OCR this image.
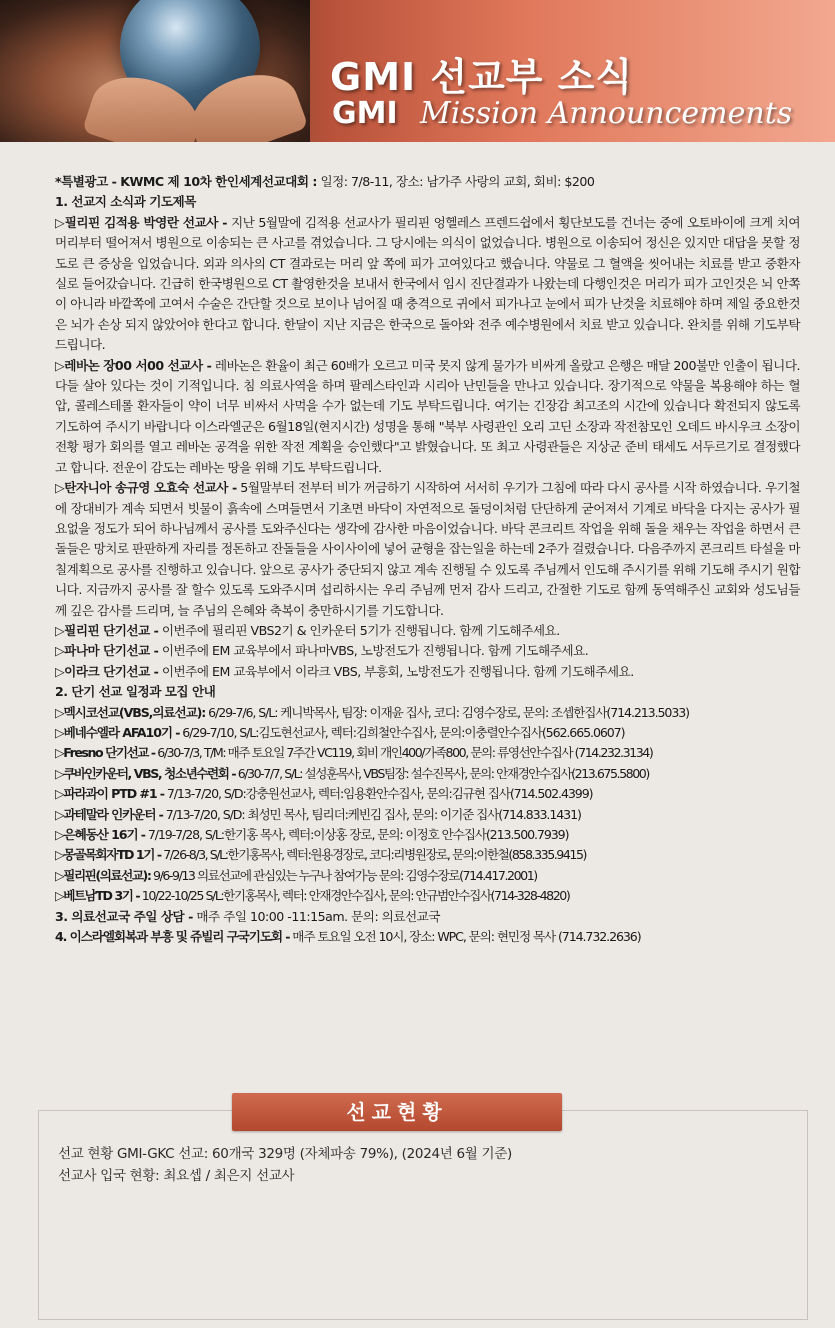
GMI 선교부 소식
GMI Mission Announcements

*특별광고 - KWMC 제 10차 한인세계선교대회 : 일정: 7/8-11, 장소: 남가주 사랑의 교회, 회비: $200

1. 선교지 소식과 기도제목

▷필리핀 김적용 박영란 선교사 - 지난 5월말에 김적용 선교사가 필리핀 엉헬레스 프렌드쉽에서 횡단보도를 건너는 중에 오토바이에 크게 치여 머리부터 떨어져서 병원으로 이송되는 큰 사고를 겪었습니다. 그 당시에는 의식이 없었습니다. 병원으로 이송되어 정신은 있지만 대답을 못할 정도로 큰 증상을 입었습니다. 외과 의사의 CT 결과로는 머리 앞 쪽에 피가 고여있다고 했습니다. 약물로 그 혈액을 씻어내는 치료를 받고 중환자실로 들어갔습니다. 긴급히 한국병원으로 CT 촬영한것을 보내서 한국에서 임시 진단결과가 나왔는데 다행인것은 머리가 피가 고인것은 뇌 안쪽이 아니라 바깥쪽에 고여서 수술은 간단할 것으로 보이나 넘어질 때 충격으로 귀에서 피가나고 눈에서 피가 난것을 치료해야 하며 제일 중요한것은 뇌가 손상 되지 않았어야 한다고 합니다. 한달이 지난 지금은 한국으로 돌아와 전주 예수병원에서 치료 받고 있습니다. 완치를 위해 기도부탁드립니다.

▷레바논 장00 서00 선교사 - 레바논은 환율이 최근 60배가 오르고 미국 못지 않게 물가가 비싸게 올랐고 은행은 매달 200불만 인출이 됩니다. 다들 살아 있다는 것이 기적입니다. 침 의료사역을 하며 팔레스타인과 시리아 난민들을 만나고 있습니다. 장기적으로 약물을 복용해야 하는 혈압, 콜레스테롤 환자들이 약이 너무 비싸서 사먹을 수가 없는데 기도 부탁드립니다. 여기는 긴장감 최고조의 시간에 있습니다 확전되지 않도록 기도하여 주시기 바랍니다 이스라엘군은 6월18일(현지시간) 성명을 통해 "북부 사령관인 오리 고딘 소장과 작전참모인 오데드 바시우크 소장이 전황 평가 회의를 열고 레바논 공격을 위한 작전 계획을 승인했다"고 밝혔습니다. 또 최고 사령관들은 지상군 준비 태세도 서두르기로 결정했다고 합니다. 전운이 감도는 레바논 땅을 위해 기도 부탁드립니다.

▷탄자니아 송규영 오효숙 선교사 - 5월말부터 전부터 비가 꺼금하기 시작하여 서서히 우기가 그침에 따라 다시 공사를 시작 하였습니다. 우기철에 장대비가 계속 되면서 빗물이 흙속에 스며들면서 기초면 바닥이 자연적으로 돌덩이처럼 단단하게 굳어져서 기계로 바닥을 다지는 공사가 필요없을 정도가 되어 하나님께서 공사를 도와주신다는 생각에 감사한 마음이었습니다. 바닥 콘크리트 작업을 위해 돌을 채우는 작업을 하면서 큰돌들은 망치로 판판하게 자리를 정돈하고 잔돌들을 사이사이에 넣어 균형을 잡는일을 하는데 2주가 걸렸습니다. 다음주까지 콘크리트 타설을 마칠계획으로 공사를 진행하고 있습니다. 앞으로 공사가 중단되지 않고 계속 진행될 수 있도록 주님께서 인도해 주시기를 위해 기도해 주시기 원합니다. 지금까지 공사를 잘 할수 있도록 도와주시며 섭리하시는 우리 주님께 먼저 감사 드리고, 간절한 기도로 함께 동역해주신 교회와 성도님들께 깊은 감사를 드리며, 늘 주님의 은혜와 축복이 충만하시기를 기도합니다.

▷필리핀 단기선교 - 이번주에 필리핀 VBS2기 & 인카운터 5기가 진행됩니다. 함께 기도해주세요.

▷파나마 단기선교 - 이번주에 EM 교육부에서 파나마VBS, 노방전도가 진행됩니다. 함께 기도해주세요.

▷이라크 단기선교 - 이번주에 EM 교육부에서 이라크 VBS, 부흥회, 노방전도가 진행됩니다. 함께 기도해주세요.

2. 단기 선교 일정과 모집 안내

▷멕시코선교(VBS,의료선교): 6/29-7/6, S/L: 케니박목사, 팀장: 이재윤 집사, 코디: 김영수장로, 문의: 조셉한집사(714.213.5033)

▷베네수엘라 AFA10기 - 6/29-7/10, S/L:김도현선교사, 렉터:김희철안수집사, 문의:이충렬안수집사(562.665.0607)

▷Fresno 단기선교 - 6/30-7/3, T/M: 매주 토요일 7주간 VC119, 회비 개인400/가족800, 문의: 류영선안수집사 (714.232.3134)

▷쿠바인카운터, VBS, 청소년수련회 - 6/30-7/7, S/L: 설성훈목사, VBS팀장: 설수진목사, 문의: 안재경안수집사(213.675.5800)

▷파라과이 PTD #1 - 7/13-7/20, S/D:강충원선교사, 렉터:임용환안수집사, 문의:김규현 집사(714.502.4399)

▷과테말라 인카운터 - 7/13-7/20, S/D: 최성민 목사, 팀리더:케빈김 집사, 문의: 이기준 집사(714.833.1431)

▷은혜동산 16기 - 7/19-7/28, S/L:한기홍 목사, 렉터:이상홍 장로, 문의: 이정호 안수집사(213.500.7939)

▷몽골목회자TD 1기 - 7/26-8/3, S/L:한기홍목사, 렉터:원용경장로, 코디:리병원장로, 문의:이한철(858.335.9415)

▷필리핀(의료선교): 9/6-9/13 의료선교에 관심있는 누구나 참여가능 문의: 김영수장로(714.417.2001)

▷베트남TD 3기 - 10/22-10/25 S/L:한기홍목사, 렉터: 안재경안수집사, 문의: 안규범안수집사(714-328-4820)

3. 의료선교국 주일 상담 - 매주 주일 10:00 -11:15am. 문의: 의료선교국

4. 이스라엘회복과 부흥 및 쥬빌리 구국기도회 - 매주 토요일 오전 10시, 장소: WPC, 문의: 현민정 목사 (714.732.2636)

선교현황

선교 현황 GMI-GKC 선교: 60개국 329명 (자체파송 79%), (2024년 6월 기준)

선교사 입국 현황: 최요셉 / 최은지 선교사
